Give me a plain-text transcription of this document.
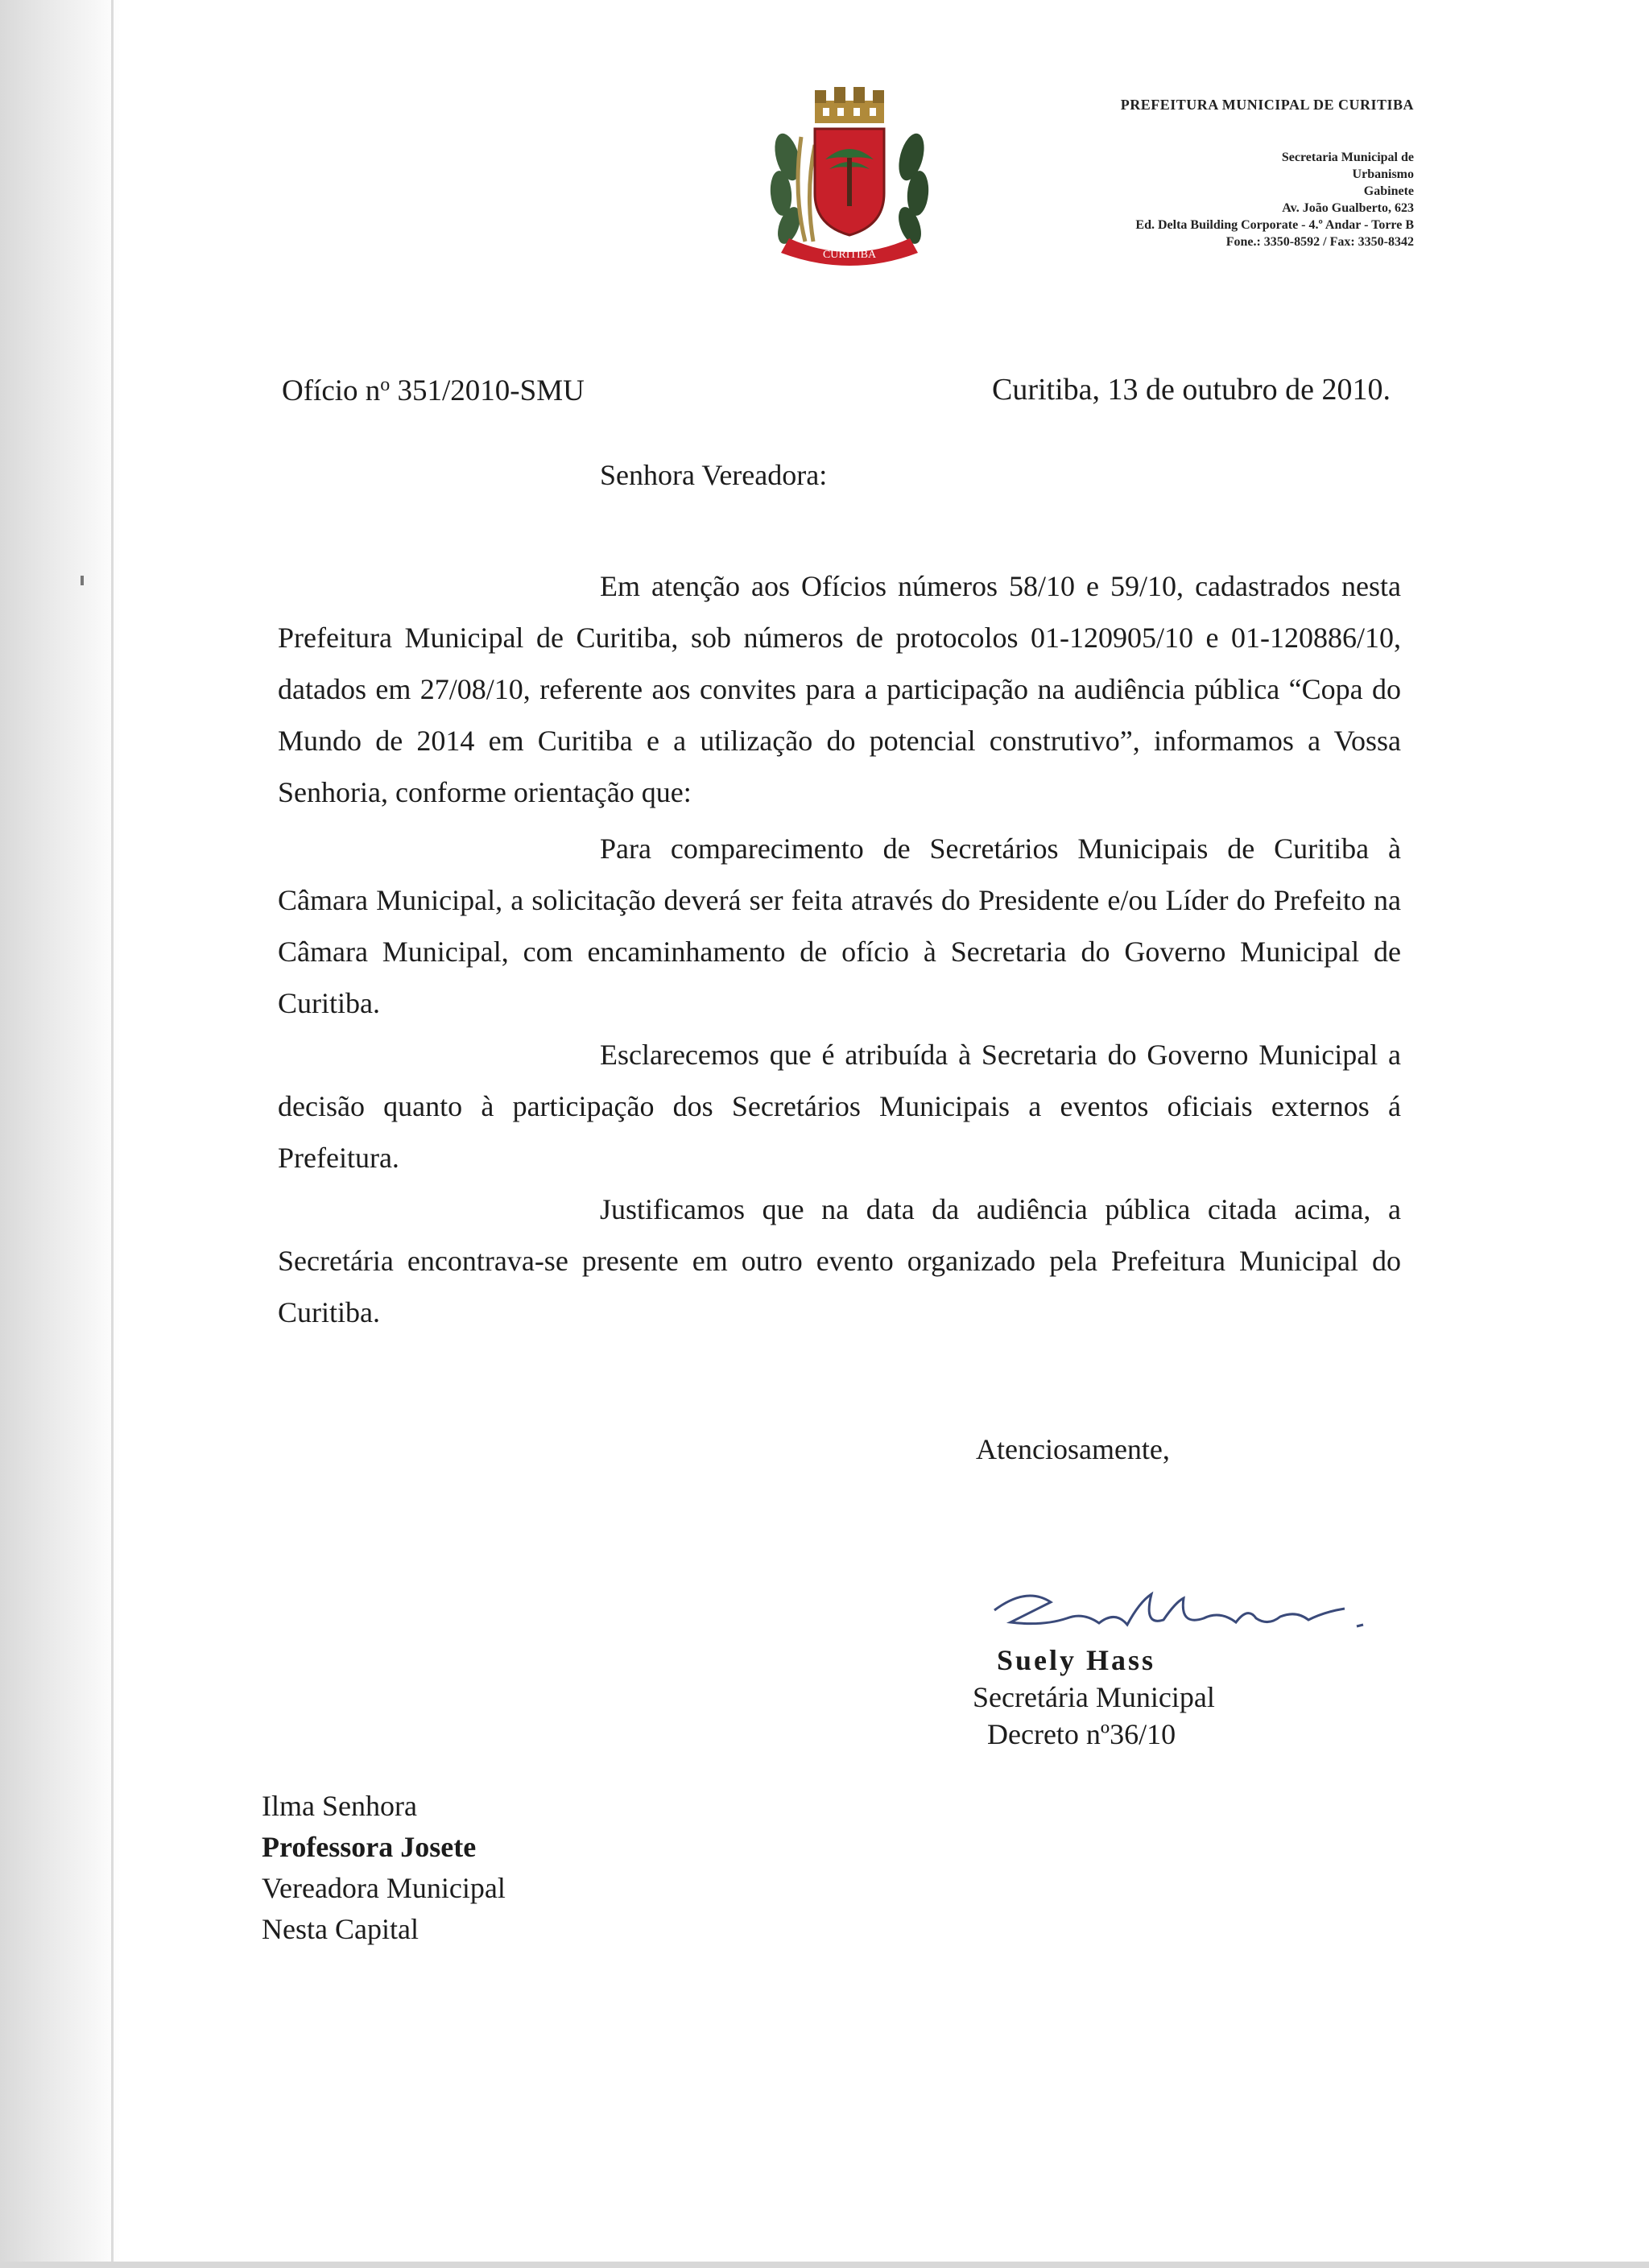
CURITIBA
PREFEITURA MUNICIPAL DE CURITIBA
Secretaria Municipal de
Urbanismo
Gabinete
Av. João Gualberto, 623
Ed. Delta Building Corporate - 4.º Andar - Torre B
Fone.: 3350-8592 / Fax: 3350-8342
Ofício $n^o$ 351/2010-SMU	Curitiba, 13 de outubro de 2010.
Senhora Vereadora:
Em atenção aos Ofícios números 58/10 e 59/10, cadastrados nesta Prefeitura Municipal de Curitiba, sob números de protocolos 01-120905/10 e 01-120886/10, datados em 27/08/10, referente aos convites para a participação na audiência pública “Copa do Mundo de 2014 em Curitiba e a utilização do potencial construtivo”, informamos a Vossa Senhoria, conforme orientação que:
Para comparecimento de Secretários Municipais de Curitiba à Câmara Municipal, a solicitação deverá ser feita através do Presidente e/ou Líder do Prefeito na Câmara Municipal, com encaminhamento de ofício à Secretaria do Governo Municipal de Curitiba.
Esclarecemos que é atribuída à Secretaria do Governo Municipal a decisão quanto à participação dos Secretários Municipais a eventos oficiais externos á Prefeitura.
Justificamos que na data da audiência pública citada acima, a Secretária encontrava-se presente em outro evento organizado pela Prefeitura Municipal do Curitiba.
Atenciosamente,
Suely Hass
Secretária Municipal
Decreto nº36/10
Ilma Senhora
Professora Josete
Vereadora Municipal
Nesta Capital
